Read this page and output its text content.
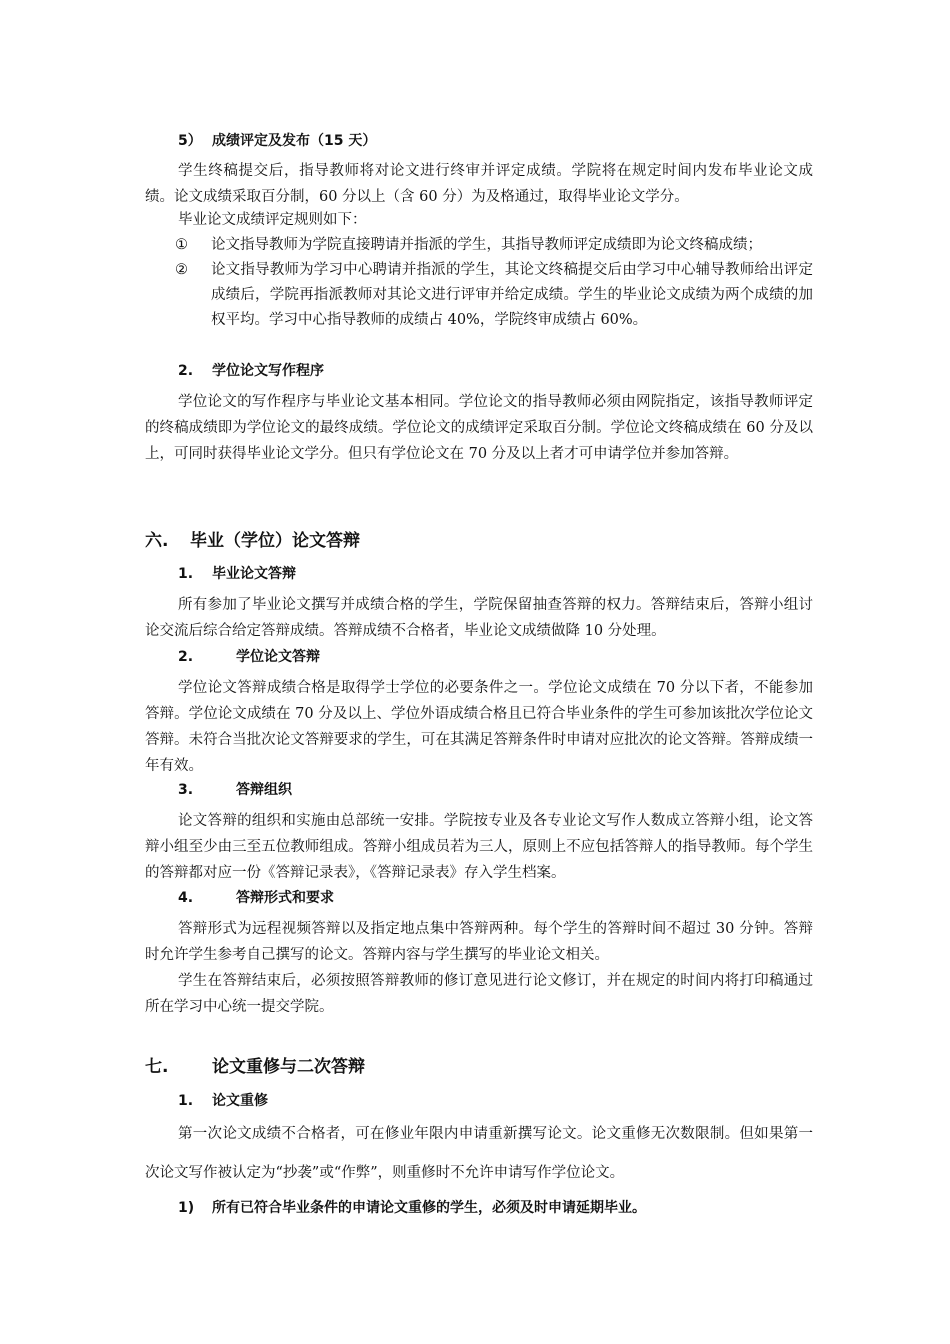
5） 成绩评定及发布（15 天）

学生终稿提交后，指导教师将对论文进行终审并评定成绩。学院将在规定时间内发布毕业论文成绩。论文成绩采取百分制，60 分以上（含 60 分）为及格通过，取得毕业论文学分。

毕业论文成绩评定规则如下：

① 论文指导教师为学院直接聘请并指派的学生，其指导教师评定成绩即为论文终稿成绩；
② 论文指导教师为学习中心聘请并指派的学生，其论文终稿提交后由学习中心辅导教师给出评定成绩后，学院再指派教师对其论文进行评审并给定成绩。学生的毕业论文成绩为两个成绩的加权平均。学习中心指导教师的成绩占 40%，学院终审成绩占 60%。
2. 学位论文写作程序

学位论文的写作程序与毕业论文基本相同。学位论文的指导教师必须由网院指定，该指导教师评定的终稿成绩即为学位论文的最终成绩。学位论文的成绩评定采取百分制。学位论文终稿成绩在 60 分及以上，可同时获得毕业论文学分。但只有学位论文在 70 分及以上者才可申请学位并参加答辩。

六. 毕业（学位）论文答辩
1. 毕业论文答辩

所有参加了毕业论文撰写并成绩合格的学生，学院保留抽查答辩的权力。答辩结束后，答辩小组讨论交流后综合给定答辩成绩。答辩成绩不合格者，毕业论文成绩做降 10 分处理。

2.	学位论文答辩

学位论文答辩成绩合格是取得学士学位的必要条件之一。学位论文成绩在 70 分以下者，不能参加答辩。学位论文成绩在 70 分及以上、学位外语成绩合格且已符合毕业条件的学生可参加该批次学位论文答辩。未符合当批次论文答辩要求的学生，可在其满足答辩条件时申请对应批次的论文答辩。答辩成绩一年有效。

3.	答辩组织

论文答辩的组织和实施由总部统一安排。学院按专业及各专业论文写作人数成立答辩小组，论文答辩小组至少由三至五位教师组成。答辩小组成员若为三人，原则上不应包括答辩人的指导教师。每个学生的答辩都对应一份《答辩记录表》，《答辩记录表》存入学生档案。

4.	答辩形式和要求

答辩形式为远程视频答辩以及指定地点集中答辩两种。每个学生的答辩时间不超过 30 分钟。答辩时允许学生参考自己撰写的论文。答辩内容与学生撰写的毕业论文相关。

学生在答辩结束后，必须按照答辩教师的修订意见进行论文修订，并在规定的时间内将打印稿通过所在学习中心统一提交学院。

七.	论文重修与二次答辩
1. 论文重修

第一次论文成绩不合格者，可在修业年限内申请重新撰写论文。论文重修无次数限制。但如果第一次论文写作被认定为“抄袭”或“作弊”，则重修时不允许申请写作学位论文。

1) 所有已符合毕业条件的申请论文重修的学生，必须及时申请延期毕业。
